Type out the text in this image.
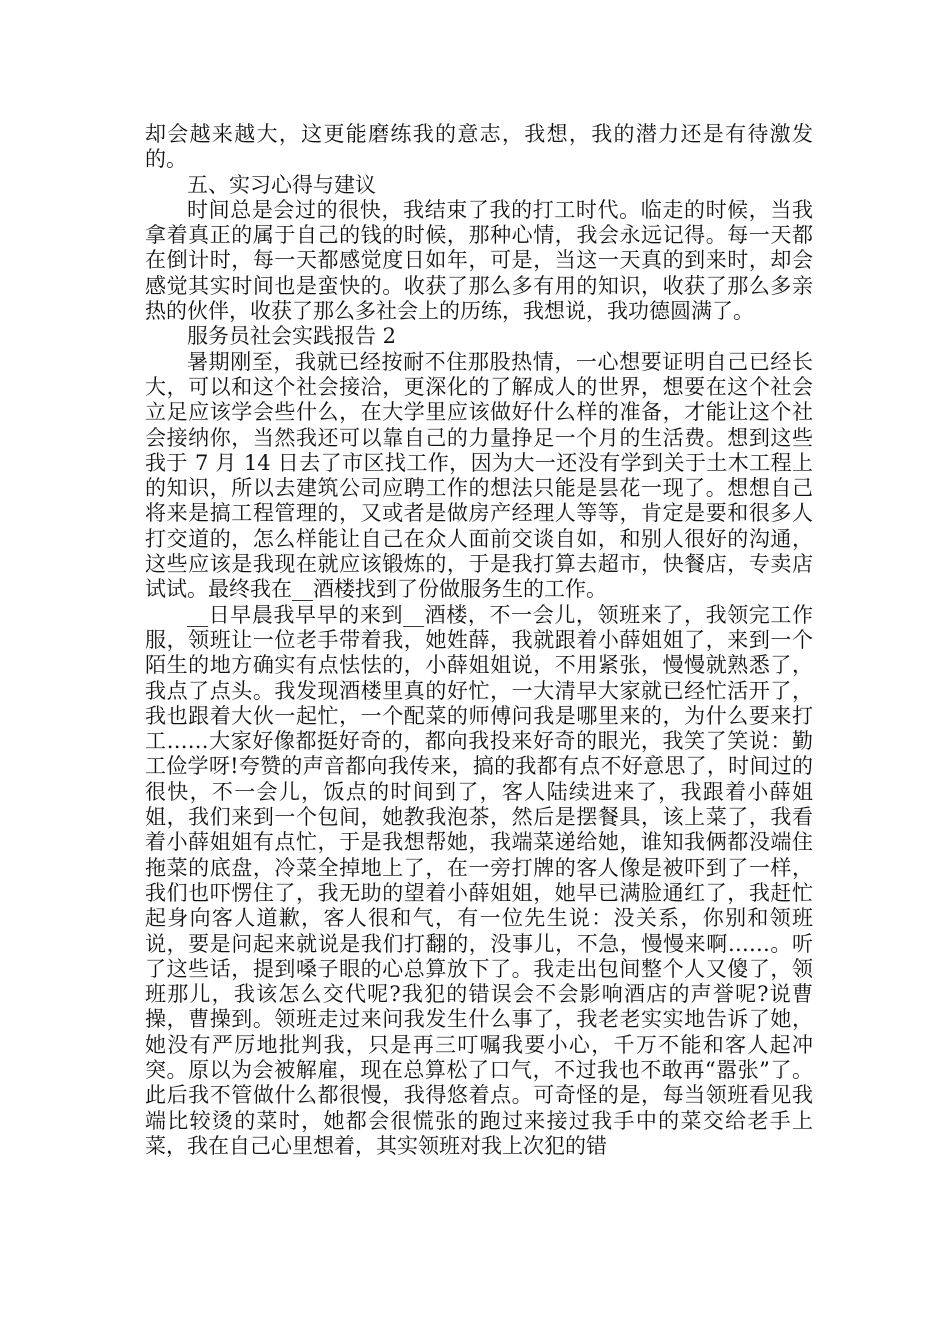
却会越来越大，这更能磨练我的意志，我想，我的潜力还是有待激发的。

五、实习心得与建议

时间总是会过的很快，我结束了我的打工时代。临走的时候，当我拿着真正的属于自己的钱的时候，那种心情，我会永远记得。每一天都在倒计时，每一天都感觉度日如年，可是，当这一天真的到来时，却会感觉其实时间也是蛮快的。收获了那么多有用的知识，收获了那么多亲热的伙伴，收获了那么多社会上的历练，我想说，我功德圆满了。

服务员社会实践报告 2

暑期刚至，我就已经按耐不住那股热情，一心想要证明自己已经长大，可以和这个社会接洽，更深化的了解成人的世界，想要在这个社会立足应该学会些什么，在大学里应该做好什么样的准备，才能让这个社会接纳你，当然我还可以靠自己的力量挣足一个月的生活费。想到这些我于 7 月 14 日去了市区找工作，因为大一还没有学到关于土木工程上的知识，所以去建筑公司应聘工作的想法只能是昙花一现了。想想自己将来是搞工程管理的，又或者是做房产经理人等等，肯定是要和很多人打交道的，怎么样能让自己在众人面前交谈自如，和别人很好的沟通，这些应该是我现在就应该锻炼的，于是我打算去超市，快餐店，专卖店试试。最终我在__酒楼找到了份做服务生的工作。

__日早晨我早早的来到__酒楼，不一会儿，领班来了，我领完工作服，领班让一位老手带着我，她姓薛，我就跟着小薛姐姐了，来到一个陌生的地方确实有点怯怯的，小薛姐姐说，不用紧张，慢慢就熟悉了，我点了点头。我发现酒楼里真的好忙，一大清早大家就已经忙活开了，我也跟着大伙一起忙，一个配菜的师傅问我是哪里来的，为什么要来打工……大家好像都挺好奇的，都向我投来好奇的眼光，我笑了笑说：勤工俭学呀!夸赞的声音都向我传来，搞的我都有点不好意思了，时间过的很快，不一会儿，饭点的时间到了，客人陆续进来了，我跟着小薛姐姐，我们来到一个包间，她教我泡茶，然后是摆餐具，该上菜了，我看着小薛姐姐有点忙，于是我想帮她，我端菜递给她，谁知我俩都没端住拖菜的底盘，冷菜全掉地上了，在一旁打牌的客人像是被吓到了一样，我们也吓愣住了，我无助的望着小薛姐姐，她早已满脸通红了，我赶忙起身向客人道歉，客人很和气，有一位先生说：没关系，你别和领班说，要是问起来就说是我们打翻的，没事儿，不急，慢慢来啊……。听了这些话，提到嗓子眼的心总算放下了。我走出包间整个人又傻了，领班那儿，我该怎么交代呢?我犯的错误会不会影响酒店的声誉呢?说曹操，曹操到。领班走过来问我发生什么事了，我老老实实地告诉了她，她没有严厉地批判我，只是再三叮嘱我要小心，千万不能和客人起冲突。原以为会被解雇，现在总算松了口气，不过我也不敢再“嚣张”了。此后我不管做什么都很慢，我得悠着点。可奇怪的是，每当领班看见我端比较烫的菜时，她都会很慌张的跑过来接过我手中的菜交给老手上菜，我在自己心里想着，其实领班对我上次犯的错
